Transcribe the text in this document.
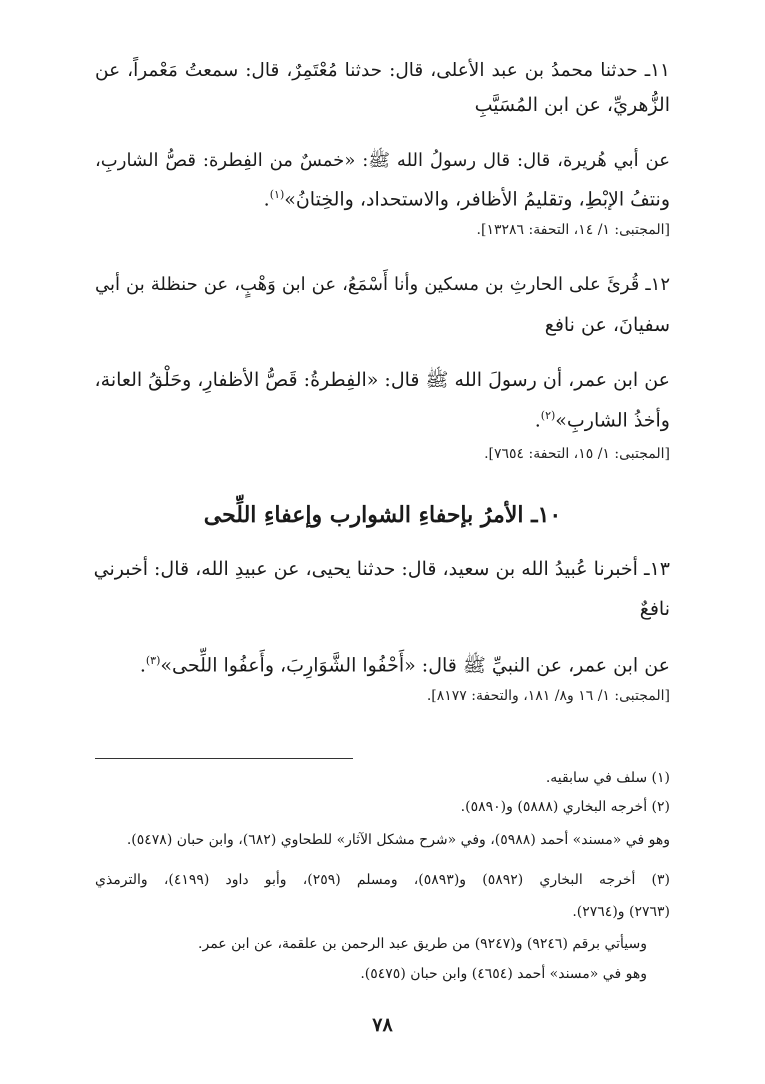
١١ـ حدثنا محمدُ بن عبد الأعلى، قال: حدثنا مُعْتَمِرٌ، قال: سمعتُ مَعْمراً، عن
الزُّهريِّ، عن ابن المُسَيَّبِ
عن أبي هُريرة، قال: قال رسولُ الله ﷺ: «خمسٌ من الفِطرة: قصُّ الشاربِ،
ونتفُ الإبْطِ، وتقليمُ الأظافر، والاستحداد، والخِتانُ»$^{(١)}$.
[المجتبى: ١/ ١٤، التحفة: ١٣٢٨٦].
١٢ـ قُرئَ على الحارثِ بن مسكين وأنا أَسْمَعُ، عن ابن وَهْبٍ، عن حنظلة بن أبي
سفيانَ، عن نافع
عن ابن عمر، أن رسولَ الله ﷺ قال: «الفِطرةُ: قَصُّ الأظفارِ، وحَلْقُ العانة،
وأخذُ الشاربِ»$^{(٢)}$.
[المجتبى: ١/ ١٥، التحفة: ٧٦٥٤].
١٠ـ الأمرُ بإحفاءِ الشوارب وإعفاءِ اللِّحى
١٣ـ أخبرنا عُبيدُ الله بن سعيد، قال: حدثنا يحيى، عن عبيدِ الله، قال: أخبرني
نافعٌ
عن ابن عمر، عن النبيِّ ﷺ قال: «أَحْفُوا الشَّوَارِبَ، وأَعفُوا اللِّحى»$^{(٣)}$.
[المجتبى: ١/ ١٦ و٨/ ١٨١، والتحفة: ٨١٧٧].
(١) سلف في سابقيه.
(٢) أخرجه البخاري (٥٨٨٨) و(٥٨٩٠).
وهو في «مسند» أحمد (٥٩٨٨)، وفي «شرح مشكل الآثار» للطحاوي (٦٨٢)، وابن حبان (٥٤٧٨).
(٣) أخرجه البخاري (٥٨٩٢) و(٥٨٩٣)، ومسلم (٢٥٩)، وأبو داود (٤١٩٩)، والترمذي
(٢٧٦٣) و(٢٧٦٤).
وسيأتي برقم (٩٢٤٦) و(٩٢٤٧) من طريق عبد الرحمن بن علقمة، عن ابن عمر.
وهو في «مسند» أحمد (٤٦٥٤) وابن حبان (٥٤٧٥).
٧٨
